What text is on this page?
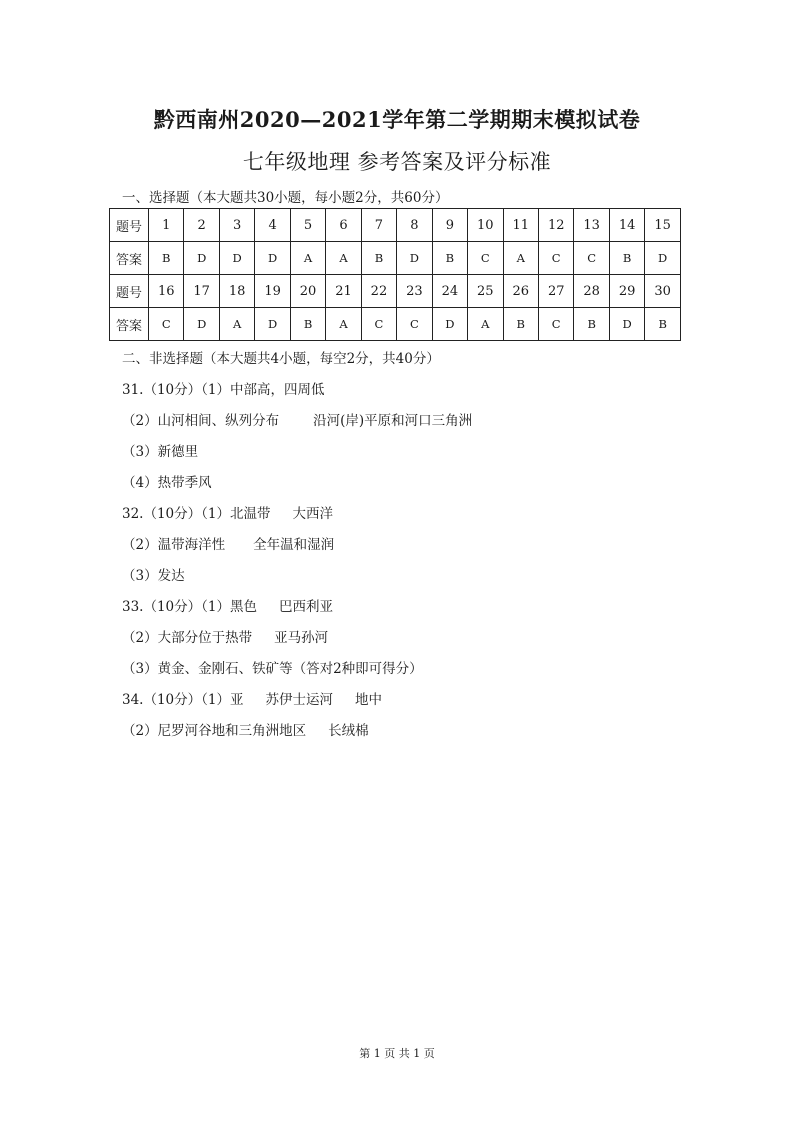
黔西南州2020—2021学年第二学期期末模拟试卷
七年级地理 参考答案及评分标准
一、选择题（本大题共30小题，每小题2分，共60分）
题号	1	2	3	4	5	6	7	8	9	10	11	12	13	14	15
答案	B	D	D	D	A	A	B	D	B	C	A	C	C	B	D
题号	16	17	18	19	20	21	22	23	24	25	26	27	28	29	30
答案	C	D	A	D	B	A	C	C	D	A	B	C	B	D	B
二、非选择题（本大题共4小题，每空2分，共40分）
31.（10分）（1）中部高，四周低
（2）山河相间、纵列分布	沿河(岸)平原和河口三角洲
（3）新德里
（4）热带季风
32.（10分）（1）北温带 大西洋
（2）温带海洋性 全年温和湿润
（3）发达
33.（10分）（1）黑色 巴西利亚
（2）大部分位于热带 亚马孙河
（3）黄金、金刚石、铁矿等（答对2种即可得分）
34.（10分）（1）亚 苏伊士运河 地中
（2）尼罗河谷地和三角洲地区 长绒棉
第 1 页 共 1 页
